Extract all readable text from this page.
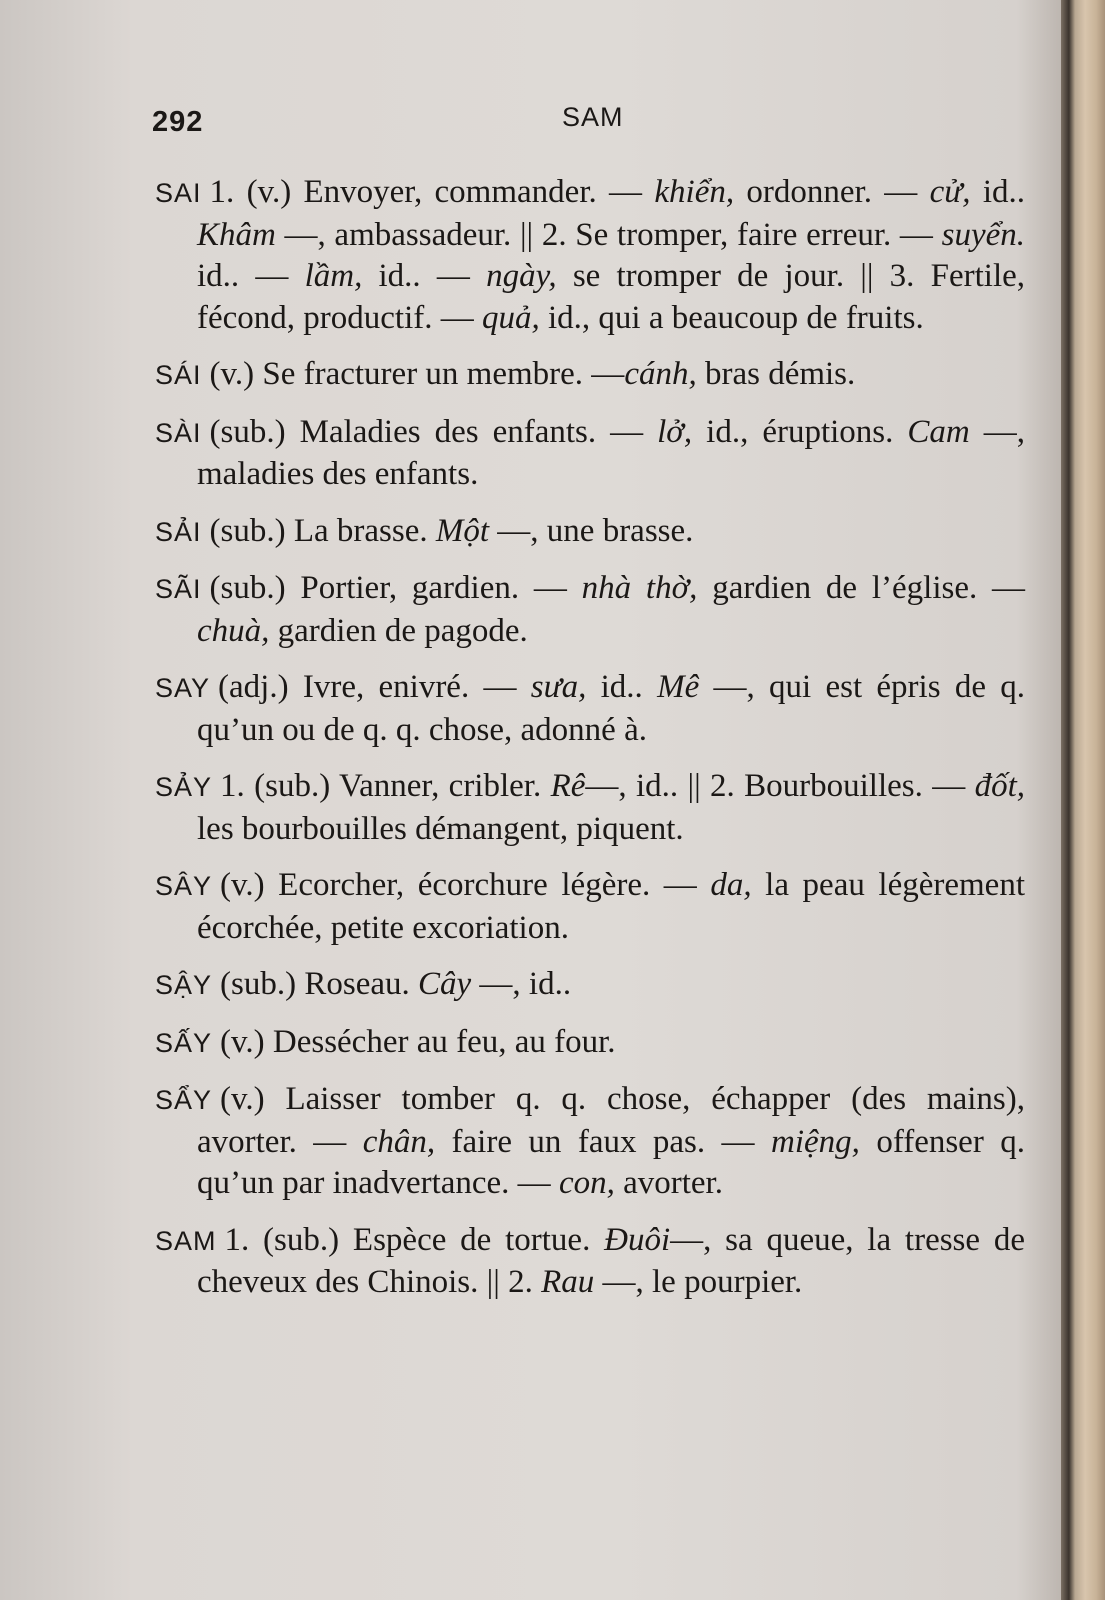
292	SAM

SAI 1. (v.) Envoyer, commander. — khiển, ordonner. — cử, id.. Khâm —, ambassadeur. || 2. Se tromper, faire erreur. — suyển. id.. — lầm, id.. — ngày, se tromper de jour. || 3. Fertile, fécond, productif. — quả, id., qui a beaucoup de fruits.

SÁI (v.) Se fracturer un membre. —cánh, bras démis.

SÀI (sub.) Maladies des enfants. — lở, id., éruptions. Cam —, maladies des enfants.

SẢI (sub.) La brasse. Một —, une brasse.

SÃI (sub.) Portier, gardien. — nhà thờ, gardien de l’église. — chuà, gardien de pagode.

SAY (adj.) Ivre, enivré. — sưa, id.. Mê —, qui est épris de q. qu’un ou de q. q. chose, adonné à.

SẢY 1. (sub.) Vanner, cribler. Rê—, id.. || 2. Bourbouilles. — đốt, les bourbouilles démangent, piquent.

SÂY (v.) Ecorcher, écorchure légère. — da, la peau légèrement écorchée, petite excoriation.

SẬY (sub.) Roseau. Cây —, id..

SẤY (v.) Dessécher au feu, au four.

SẨY (v.) Laisser tomber q. q. chose, échapper (des mains), avorter. — chân, faire un faux pas. — miệng, offenser q. qu’un par inadvertance. — con, avorter.

SAM 1. (sub.) Espèce de tortue. Đuôi—, sa queue, la tresse de cheveux des Chinois. || 2. Rau —, le pourpier.
